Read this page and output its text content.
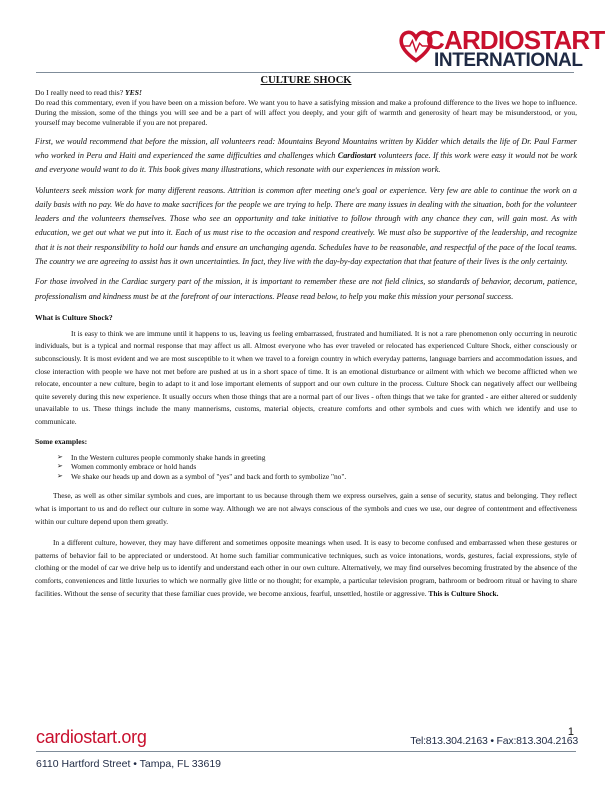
CARDIOSTART
INTERNATIONAL

CULTURE SHOCK

Do I really need to read this? YES!

Do read this commentary, even if you have been on a mission before. We want you to have a satisfying mission and make a profound difference to the lives we hope to influence. During the mission, some of the things you will see and be a part of will affect you deeply, and your gift of warmth and generosity of heart may be misunderstood, or you, yourself may become vulnerable if you are not prepared.

First, we would recommend that before the mission, all volunteers read: Mountains Beyond Mountains written by Kidder which details the life of Dr. Paul Farmer who worked in Peru and Haiti and experienced the same difficulties and challenges which Cardiostart volunteers face. If this work were easy it would not be work and everyone would want to do it. This book gives many illustrations, which resonate with our experiences in mission work.

Volunteers seek mission work for many different reasons. Attrition is common after meeting one's goal or experience. Very few are able to continue the work on a daily basis with no pay. We do have to make sacrifices for the people we are trying to help. There are many issues in dealing with the situation, both for the volunteer leaders and the volunteers themselves. Those who see an opportunity and take initiative to follow through with any chance they can, will gain most. As with education, we get out what we put into it. Each of us must rise to the occasion and respond creatively. We must also be supportive of the leadership, and recognize that it is not their responsibility to hold our hands and ensure an unchanging agenda. Schedules have to be reasonable, and respectful of the pace of the local teams. The country we are agreeing to assist has it own uncertainties. In fact, they live with the day-by-day expectation that that feature of their lives is the only certainty.

For those involved in the Cardiac surgery part of the mission, it is important to remember these are not field clinics, so standards of behavior, decorum, patience, professionalism and kindness must be at the forefront of our interactions. Please read below, to help you make this mission your personal success.

What is Culture Shock?

It is easy to think we are immune until it happens to us, leaving us feeling embarrassed, frustrated and humiliated. It is not a rare phenomenon only occurring in neurotic individuals, but is a typical and normal response that may affect us all. Almost everyone who has ever traveled or relocated has experienced Culture Shock, either consciously or subconsciously. It is most evident and we are most susceptible to it when we travel to a foreign country in which everyday patterns, language barriers and accommodation issues, and close interaction with people we have not met before are pushed at us in a short space of time. It is an emotional disturbance or ailment with which we become afflicted when we relocate, encounter a new culture, begin to adapt to it and lose important elements of support and our own culture in the process. Culture Shock can negatively affect our wellbeing quite severely during this new experience. It usually occurs when those things that are a normal part of our lives - often things that we take for granted - are either altered or suddenly unavailable to us. These things include the many mannerisms, customs, material objects, creature comforts and other symbols and cues with which we identify and use to communicate.

Some examples:

➢ In the Western cultures people commonly shake hands in greeting
➢ Women commonly embrace or hold hands
➢ We shake our heads up and down as a symbol of "yes" and back and forth to symbolize "no".

These, as well as other similar symbols and cues, are important to us because through them we express ourselves, gain a sense of security, status and belonging. They reflect what is important to us and do reflect our culture in some way. Although we are not always conscious of the symbols and cues we use, our degree of contentment and effectiveness within our culture depend upon them greatly.

In a different culture, however, they may have different and sometimes opposite meanings when used. It is easy to become confused and embarrassed when these gestures or patterns of behavior fail to be appreciated or understood. At home such familiar communicative techniques, such as voice intonations, words, gestures, facial expressions, style of clothing or the model of car we drive help us to identify and understand each other in our own culture. Alternatively, we may find ourselves becoming frustrated by the absence of the comforts, conveniences and little luxuries to which we normally give little or no thought; for example, a particular television program, bathroom or bedroom ritual or having to share facilities. Without the sense of security that these familiar cues provide, we become anxious, fearful, unsettled, hostile or aggressive. This is Culture Shock.

1
cardiostart.org	Tel:813.304.2163 • Fax:813.304.2163
6110 Hartford Street • Tampa, FL 33619
